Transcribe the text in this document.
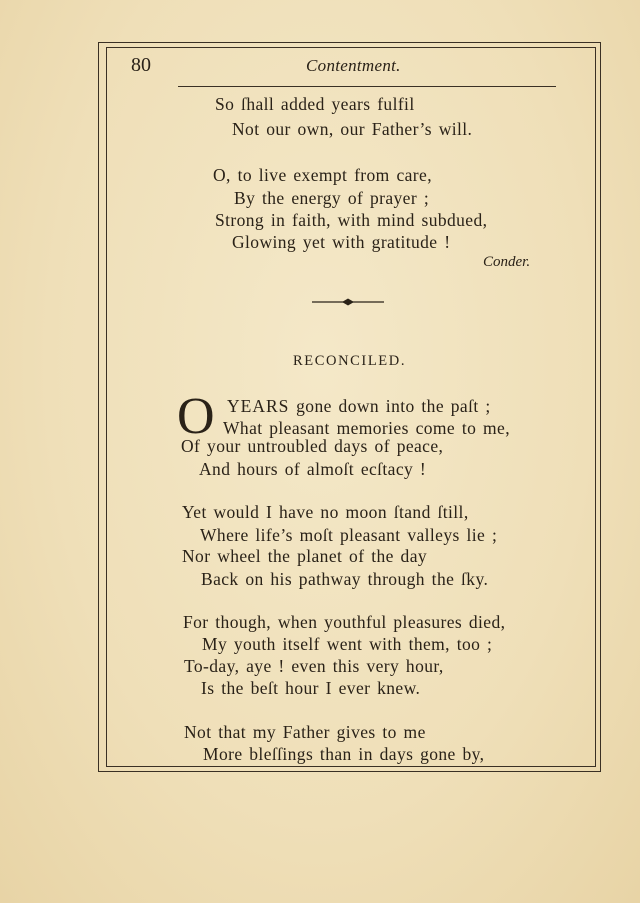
80	Contentment.
So ſhall added years fulfil
Not our own, our Father’s will.
O, to live exempt from care,
By the energy of prayer ;
Strong in faith, with mind subdued,
Glowing yet with gratitude !
Conder.
RECONCILED.
O YEARS gone down into the paſt ;
What pleasant memories come to me,
Of your untroubled days of peace,
And hours of almoſt ecſtacy !
Yet would I have no moon ſtand ſtill,
Where life’s moſt pleasant valleys lie ;
Nor wheel the planet of the day
Back on his pathway through the ſky.
For though, when youthful pleasures died,
My youth itself went with them, too ;
To-day, aye ! even this very hour,
Is the beſt hour I ever knew.
Not that my Father gives to me
More bleſſings than in days gone by,
